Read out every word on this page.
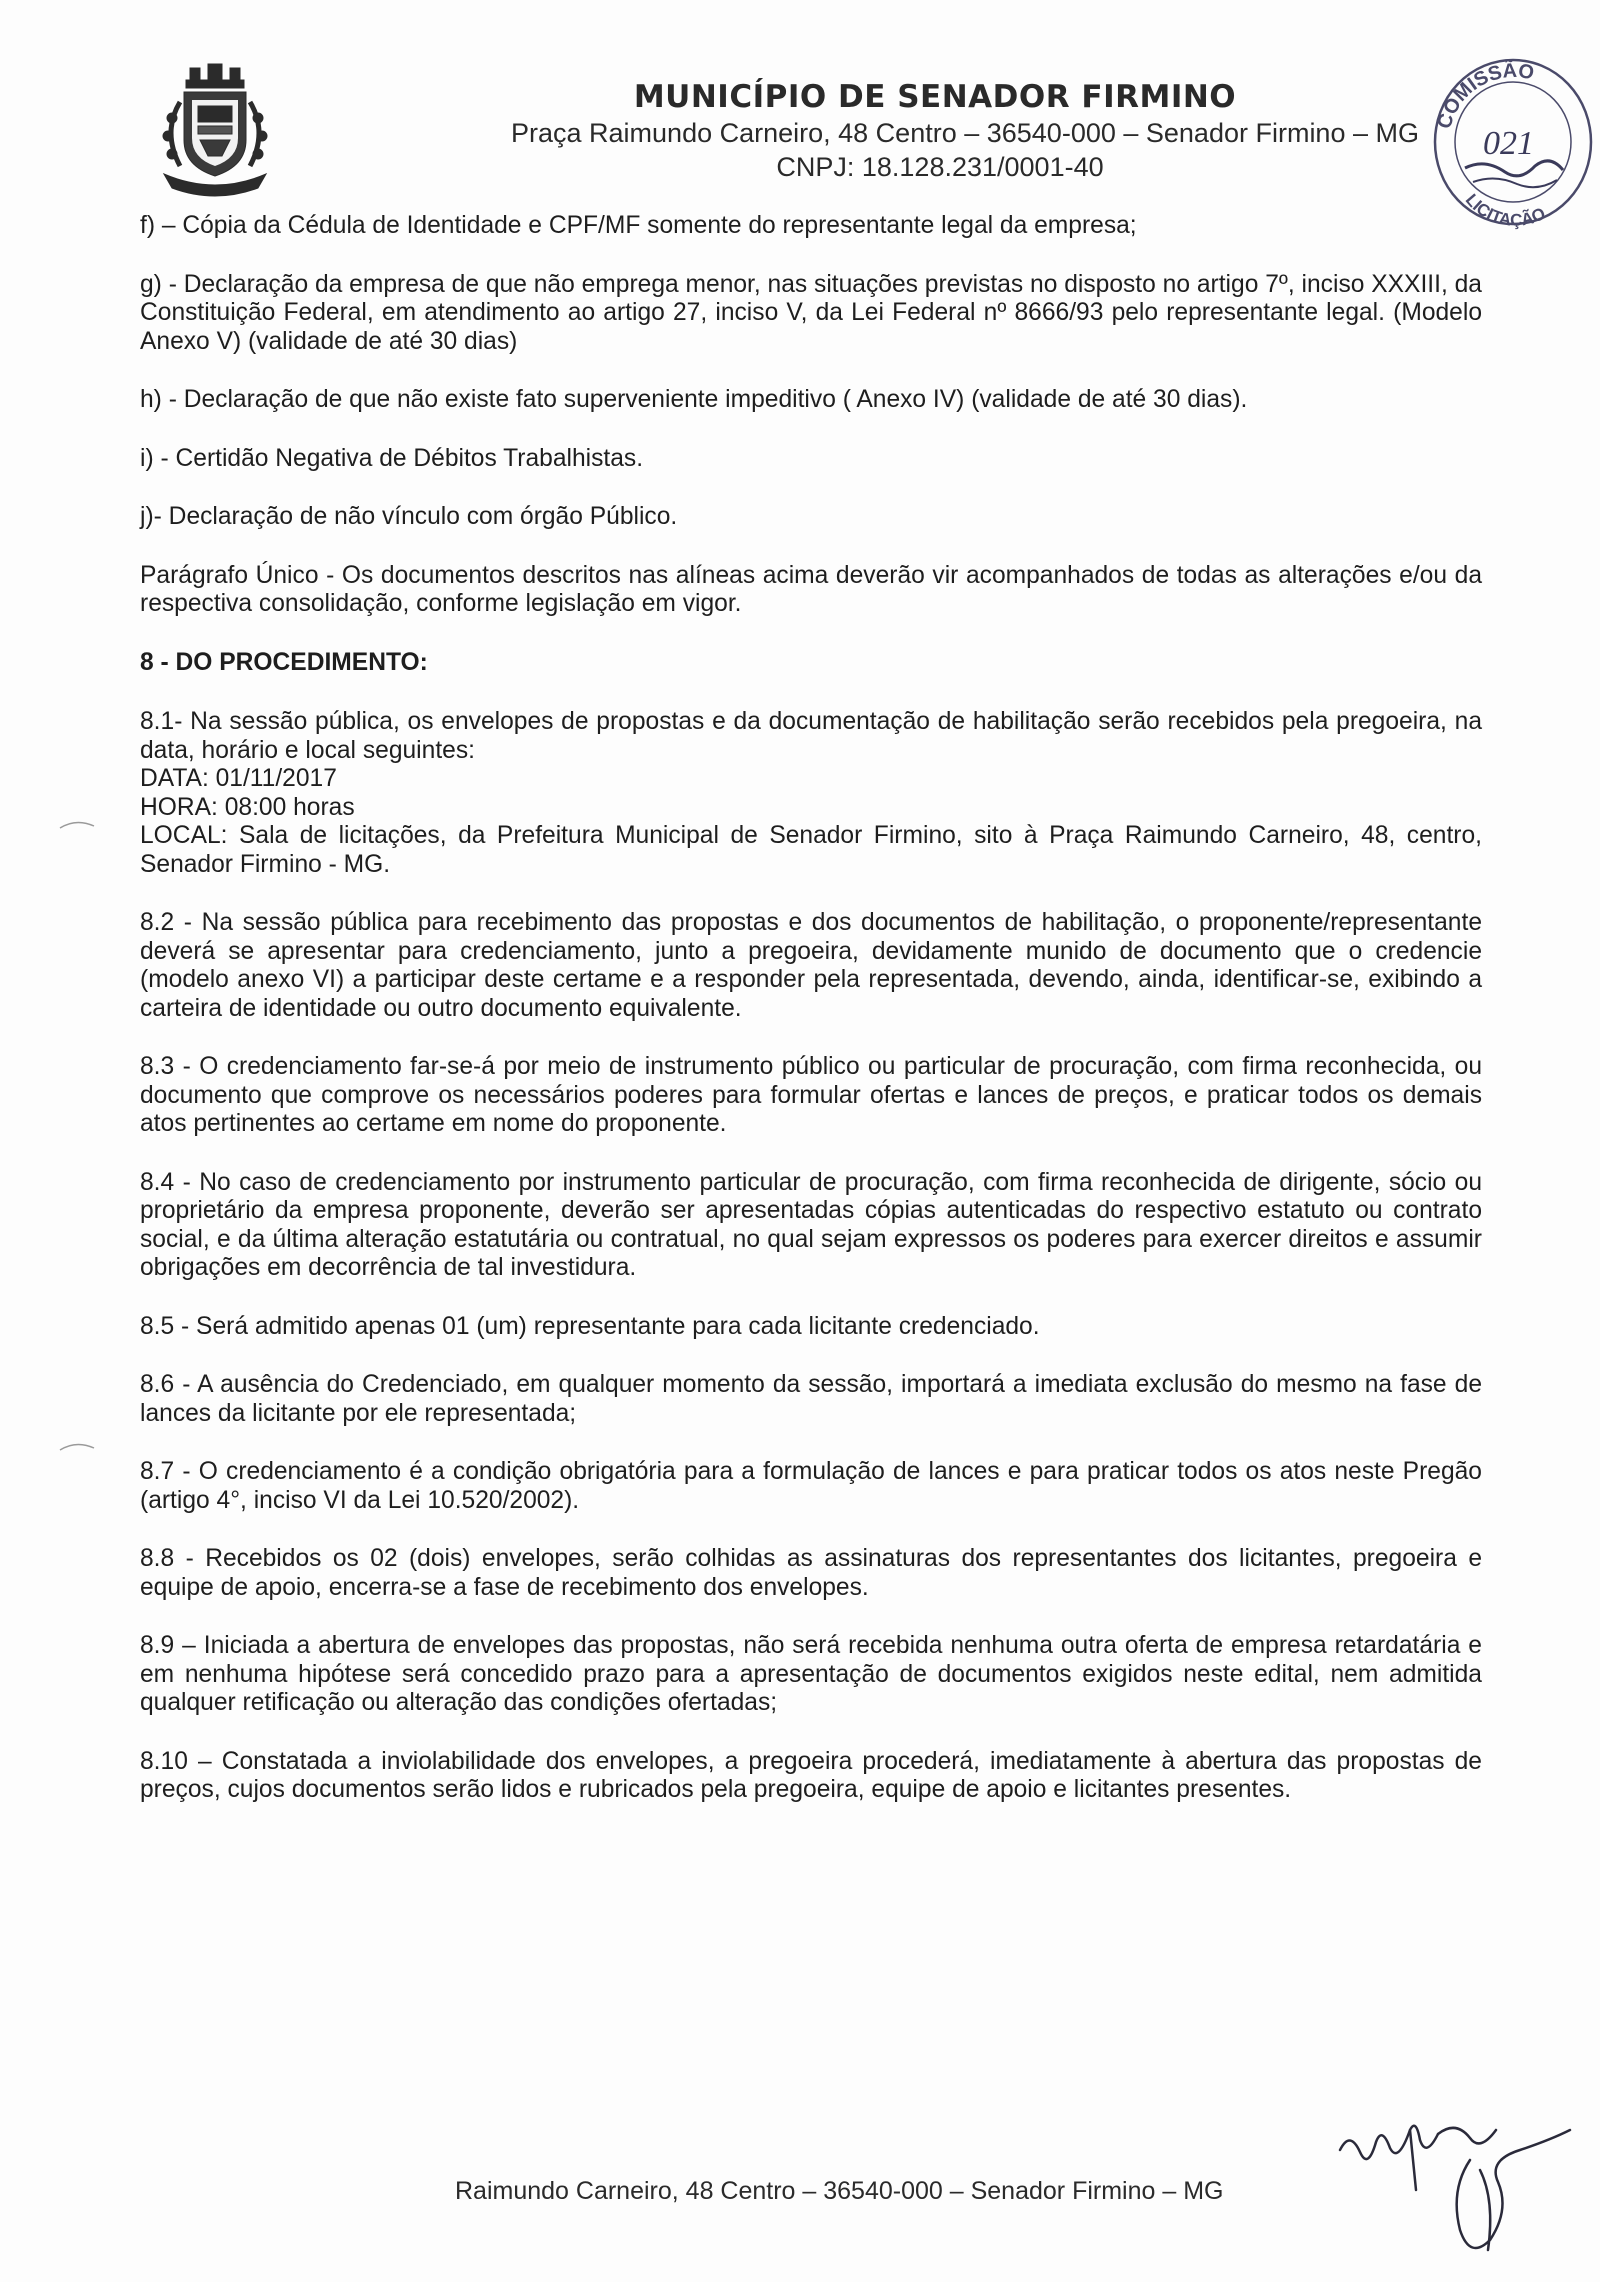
MUNICÍPIO DE SENADOR FIRMINO
Praça Raimundo Carneiro, 48 Centro – 36540-000 – Senador Firmino – MG
CNPJ: 18.128.231/0001-40
COMISSÃO
021
LICITAÇÃO

f) – Cópia da Cédula de Identidade e CPF/MF somente do representante legal da empresa;

g) - Declaração da empresa de que não emprega menor, nas situações previstas no disposto no artigo 7º, inciso XXXIII, da Constituição Federal, em atendimento ao artigo 27, inciso V, da Lei Federal nº 8666/93 pelo representante legal. (Modelo Anexo V) (validade de até 30 dias)

h) - Declaração de que não existe fato superveniente impeditivo ( Anexo IV) (validade de até 30 dias).

i) - Certidão Negativa de Débitos Trabalhistas.

j)- Declaração de não vínculo com órgão Público.

Parágrafo Único - Os documentos descritos nas alíneas acima deverão vir acompanhados de todas as alterações e/ou da respectiva consolidação, conforme legislação em vigor.

8 - DO PROCEDIMENTO:

8.1- Na sessão pública, os envelopes de propostas e da documentação de habilitação serão recebidos pela pregoeira, na data, horário e local seguintes:
DATA: 01/11/2017
HORA: 08:00 horas
LOCAL: Sala de licitações, da Prefeitura Municipal de Senador Firmino, sito à Praça Raimundo Carneiro, 48, centro, Senador Firmino - MG.

8.2 - Na sessão pública para recebimento das propostas e dos documentos de habilitação, o proponente/representante deverá se apresentar para credenciamento, junto a pregoeira, devidamente munido de documento que o credencie (modelo anexo VI) a participar deste certame e a responder pela representada, devendo, ainda, identificar-se, exibindo a carteira de identidade ou outro documento equivalente.

8.3 - O credenciamento far-se-á por meio de instrumento público ou particular de procuração, com firma reconhecida, ou documento que comprove os necessários poderes para formular ofertas e lances de preços, e praticar todos os demais atos pertinentes ao certame em nome do proponente.

8.4 - No caso de credenciamento por instrumento particular de procuração, com firma reconhecida de dirigente, sócio ou proprietário da empresa proponente, deverão ser apresentadas cópias autenticadas do respectivo estatuto ou contrato social, e da última alteração estatutária ou contratual, no qual sejam expressos os poderes para exercer direitos e assumir obrigações em decorrência de tal investidura.

8.5 - Será admitido apenas 01 (um) representante para cada licitante credenciado.

8.6 - A ausência do Credenciado, em qualquer momento da sessão, importará a imediata exclusão do mesmo na fase de lances da licitante por ele representada;

8.7 - O credenciamento é a condição obrigatória para a formulação de lances e para praticar todos os atos neste Pregão (artigo 4°, inciso VI da Lei 10.520/2002).

8.8 - Recebidos os 02 (dois) envelopes, serão colhidas as assinaturas dos representantes dos licitantes, pregoeira e equipe de apoio, encerra-se a fase de recebimento dos envelopes.

8.9 – Iniciada a abertura de envelopes das propostas, não será recebida nenhuma outra oferta de empresa retardatária e em nenhuma hipótese será concedido prazo para a apresentação de documentos exigidos neste edital, nem admitida qualquer retificação ou alteração das condições ofertadas;

8.10 – Constatada a inviolabilidade dos envelopes, a pregoeira procederá, imediatamente à abertura das propostas de preços, cujos documentos serão lidos e rubricados pela pregoeira, equipe de apoio e licitantes presentes.

Raimundo Carneiro, 48 Centro – 36540-000 – Senador Firmino – MG
